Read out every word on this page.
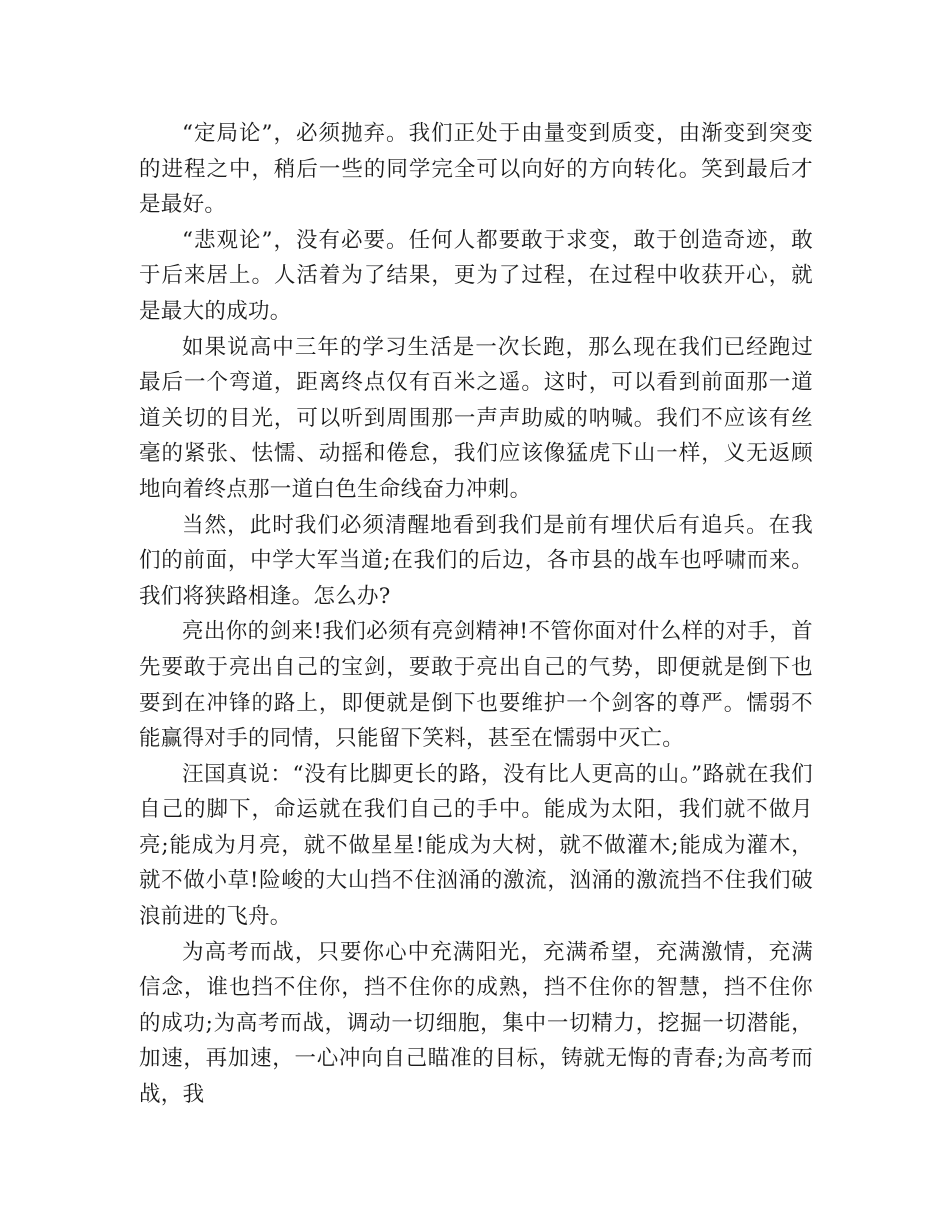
“定局论”，必须抛弃。我们正处于由量变到质变，由渐变到突变的进程之中，稍后一些的同学完全可以向好的方向转化。笑到最后才是最好。

“悲观论”，没有必要。任何人都要敢于求变，敢于创造奇迹，敢于后来居上。人活着为了结果，更为了过程，在过程中收获开心，就是最大的成功。

如果说高中三年的学习生活是一次长跑，那么现在我们已经跑过最后一个弯道，距离终点仅有百米之遥。这时，可以看到前面那一道道关切的目光，可以听到周围那一声声助威的呐喊。我们不应该有丝毫的紧张、怯懦、动摇和倦怠，我们应该像猛虎下山一样，义无返顾地向着终点那一道白色生命线奋力冲刺。

当然，此时我们必须清醒地看到我们是前有埋伏后有追兵。在我们的前面，中学大军当道;在我们的后边，各市县的战车也呼啸而来。我们将狭路相逢。怎么办?

亮出你的剑来!我们必须有亮剑精神!不管你面对什么样的对手，首先要敢于亮出自己的宝剑，要敢于亮出自己的气势，即便就是倒下也要到在冲锋的路上，即便就是倒下也要维护一个剑客的尊严。懦弱不能赢得对手的同情，只能留下笑料，甚至在懦弱中灭亡。

汪国真说：“没有比脚更长的路，没有比人更高的山。”路就在我们自己的脚下，命运就在我们自己的手中。能成为太阳，我们就不做月亮;能成为月亮，就不做星星!能成为大树，就不做灌木;能成为灌木，就不做小草!险峻的大山挡不住汹涌的激流，汹涌的激流挡不住我们破浪前进的飞舟。

为高考而战，只要你心中充满阳光，充满希望，充满激情，充满信念，谁也挡不住你，挡不住你的成熟，挡不住你的智慧，挡不住你的成功;为高考而战，调动一切细胞，集中一切精力，挖掘一切潜能，加速，再加速，一心冲向自己瞄准的目标，铸就无悔的青春;为高考而战，我
